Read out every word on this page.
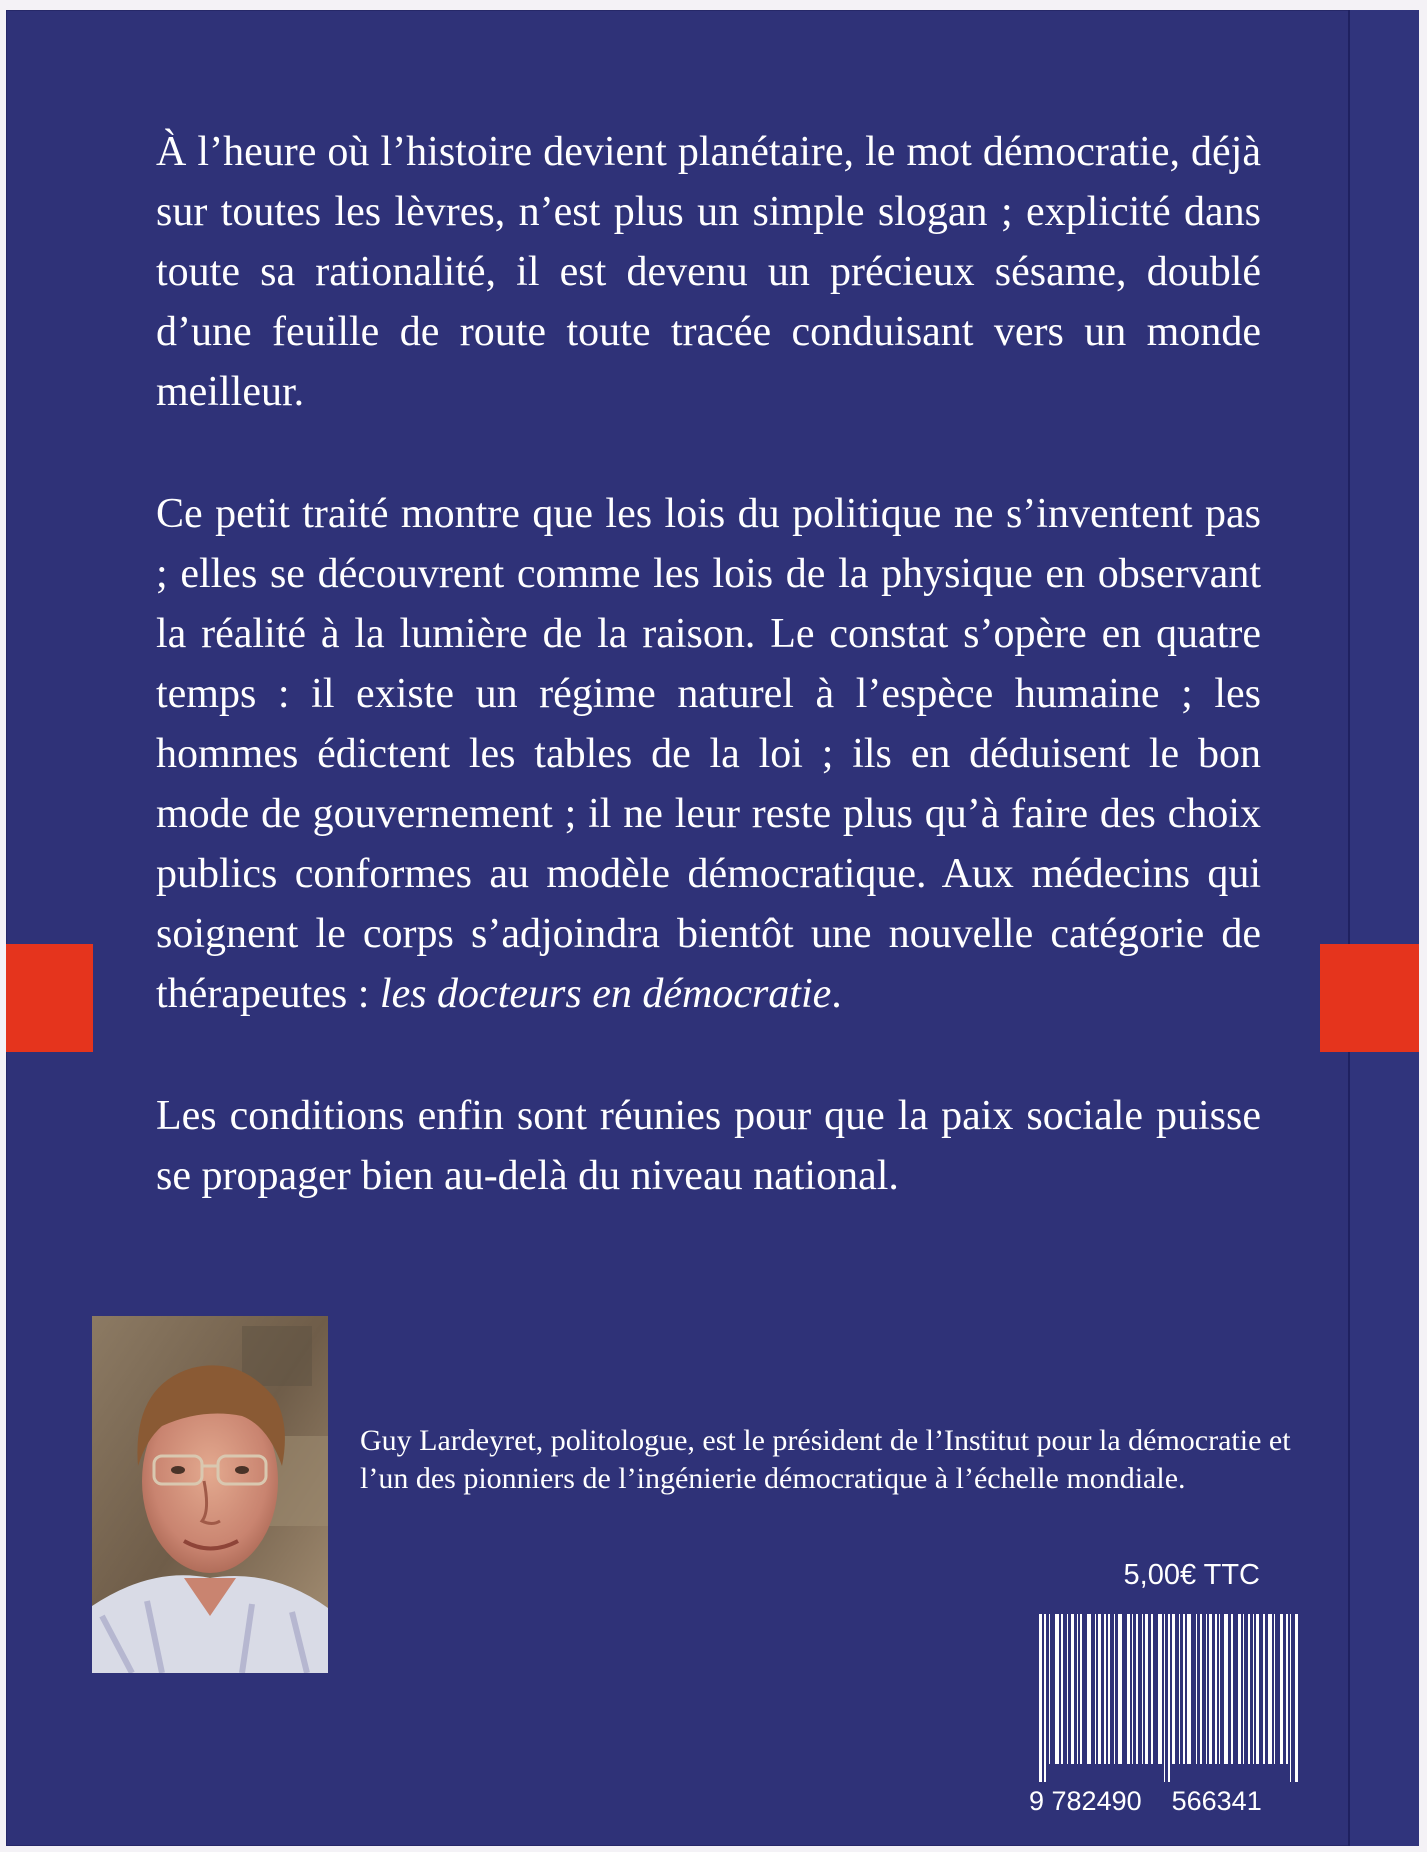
À l’heure où l’histoire devient planétaire, le mot démocratie, déjà sur toutes les lèvres, n’est plus un simple slogan ; explicité dans toute sa rationalité, il est devenu un précieux sésame, doublé d’une feuille de route toute tracée conduisant vers un monde meilleur.

Ce petit traité montre que les lois du politique ne s’inventent pas ; elles se découvrent comme les lois de la physique en observant la réalité à la lumière de la raison. Le constat s’opère en quatre temps : il existe un régime naturel à l’espèce humaine ; les hommes édictent les tables de la loi ; ils en déduisent le bon mode de gouvernement ; il ne leur reste plus qu’à faire des choix publics conformes au modèle démocratique. Aux médecins qui soignent le corps s’adjoindra bientôt une nouvelle catégorie de thérapeutes : les docteurs en démocratie.

Les conditions enfin sont réunies pour que la paix sociale puisse se propager bien au-delà du niveau national.

Guy Lardeyret, politologue, est le président de l’Institut pour la démocratie et l’un des pionniers de l’ingénierie démocratique à l’échelle mondiale.
5,00€ TTC
9 782490    566341
